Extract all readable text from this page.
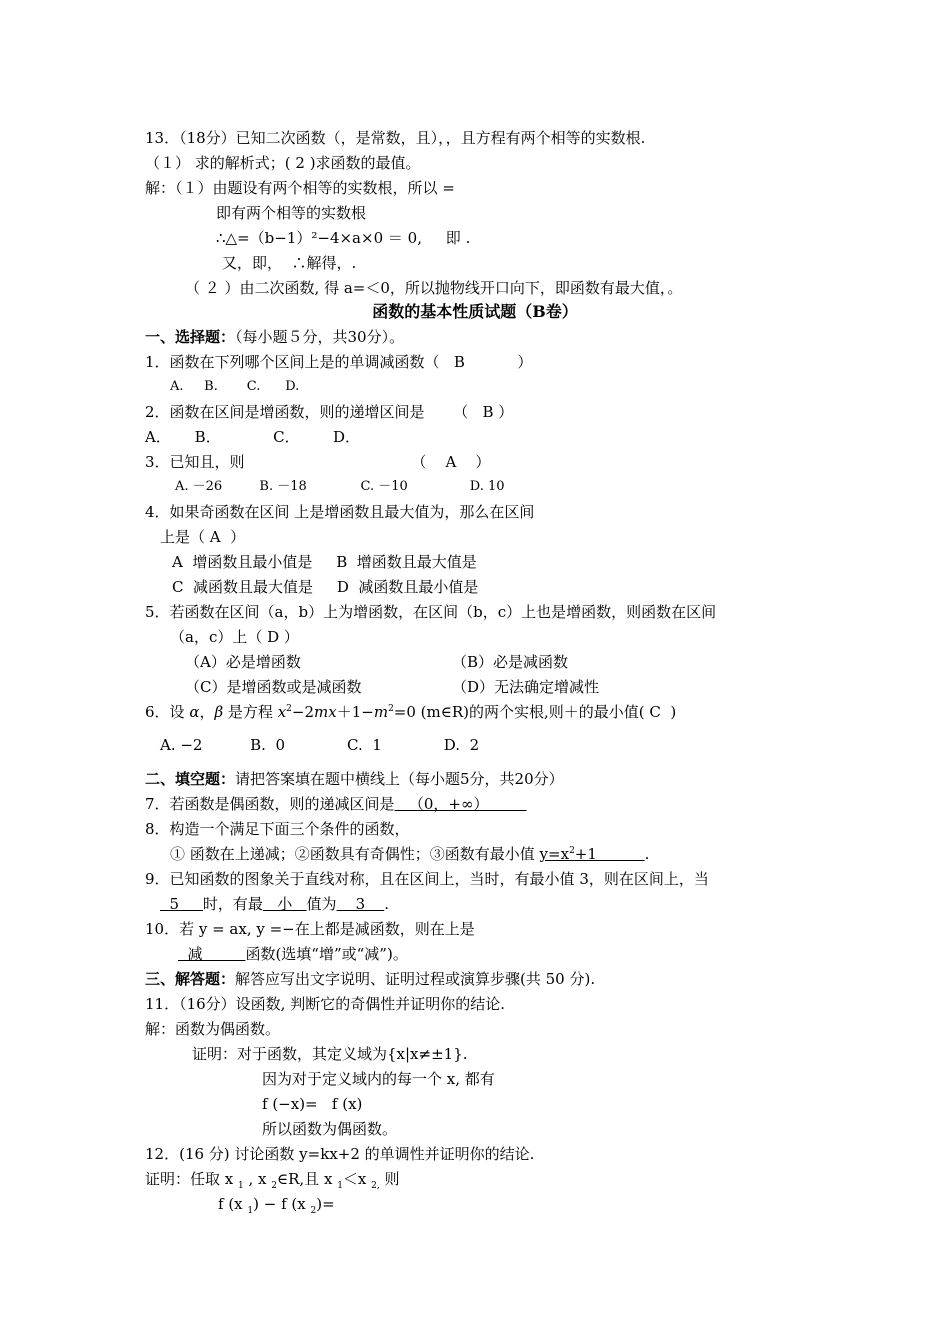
13．（18分）已知二次函数（，是常数，且），，且方程有两个相等的实数根.
（１） 求的解析式；( 2 )求函数的最值。
解：（１）由题设有两个相等的实数根，所以 =
即有两个相等的实数根
∴△=（b−1）²−4×a×0 ＝ 0,     即 .
又，即，  ∴解得，.
（ ２ ）由二次函数, 得 a=＜0，所以抛物线开口向下，即函数有最大值，。
函数的基本性质试题（B卷）
一、选择题：（每小题５分，共30分）。
1．函数在下列哪个区间上是的单调减函数（   B           ）
A.     B.       C.      D.
2．函数在区间是增函数，则的递增区间是      （   B ）
A．     B．           C．       D．
3．已知且，则                                   （    A    ）
A. －26         B. －18             C. －10               D. 10
4．如果奇函数在区间 上是增函数且最大值为，那么在区间
上是（ A  ）
A  增函数且最小值是     B  增函数且最大值是
C  减函数且最大值是     D  减函数且最小值是
5．若函数在区间（a，b）上为增函数，在区间（b，c）上也是增函数，则函数在区间
（a，c）上（ D ）
（A）必是增函数	（B）必是减函数
（C）是增函数或是减函数	（D）无法确定增减性
6．设 α，β 是方程 $x^2-2mx+1-m^2=0$ (m∈R)的两个实根,则＋的最小值( C  )
A. −2          B.  0             C.  1             D.  2
二、填空题：请把答案填在题中横线上（每小题5分，共20分）
7．若函数是偶函数，则的递减区间是   （0，+∞）
8．构造一个满足下面三个条件的函数，
① 函数在上递减；②函数具有奇偶性；③函数有最小值 $y=x^2+1$          .
9．已知函数的图象关于直线对称，且在区间上，当时，有最小值 3，则在区间上，当
5     时，有最   小   值为    3    .
10．若 y = ax, y =−在上都是减函数，则在上是
减         函数(选填“增”或“减”)。
三、解答题：解答应写出文字说明、证明过程或演算步骤(共 50 分).
11．（16分）设函数, 判断它的奇偶性并证明你的结论.
解：函数为偶函数。
证明：对于函数，其定义域为{x|x≠±1}.
因为对于定义域内的每一个 x, 都有
f (−x)=   f (x)
所以函数为偶函数。
12．(16 分) 讨论函数 y=kx+2 的单调性并证明你的结论.
证明：任取 x $_1$ , x $_2$∈R,且 x $_1$＜x $_{2,}$ 则
f (x $_1$) − f (x $_2$)=
